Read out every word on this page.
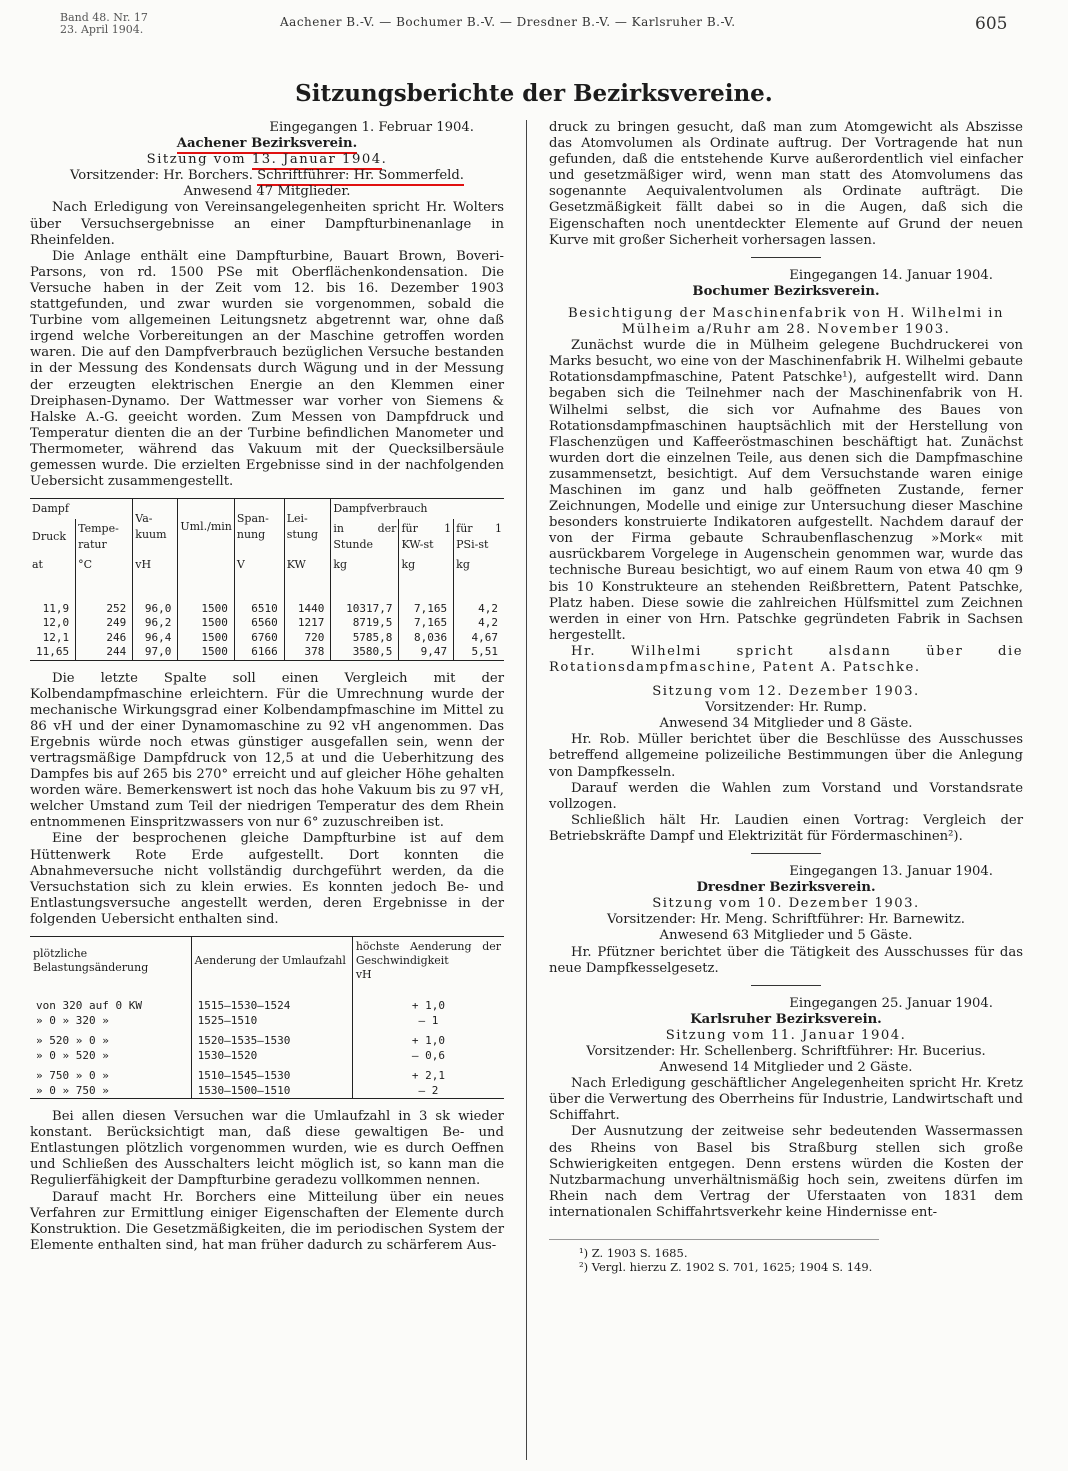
Band 48. Nr. 17
23. April 1904.
Aachener B.-V. — Bochumer B.-V. — Dresdner B.-V. — Karlsruher B.-V.	605
Sitzungsberichte der Bezirksvereine.

Eingegangen 1. Februar 1904.

Aachener Bezirksverein.

Sitzung vom 13. Januar 1904.

Vorsitzender: Hr. Borchers. Schriftführer: Hr. Sommerfeld.

Anwesend 47 Mitglieder.

Nach Erledigung von Vereinsangelegenheiten spricht Hr. Wolters über Versuchsergebnisse an einer Dampfturbinenanlage in Rheinfelden.

Die Anlage enthält eine Dampfturbine, Bauart Brown, Boveri-Parsons, von rd. 1500 PSe mit Oberflächenkondensation. Die Versuche haben in der Zeit vom 12. bis 16. Dezember 1903 stattgefunden, und zwar wurden sie vorgenommen, sobald die Turbine vom allgemeinen Leitungsnetz abgetrennt war, ohne daß irgend welche Vorbereitungen an der Maschine getroffen worden waren. Die auf den Dampfverbrauch bezüglichen Versuche bestanden in der Messung des Kondensats durch Wägung und in der Messung der erzeugten elektrischen Energie an den Klemmen einer Dreiphasen-Dynamo. Der Wattmesser war vorher von Siemens & Halske A.-G. geeicht worden. Zum Messen von Dampfdruck und Temperatur dienten die an der Turbine befindlichen Manometer und Thermometer, während das Vakuum mit der Quecksilbersäule gemessen wurde. Die erzielten Ergebnisse sind in der nachfolgenden Uebersicht zusammengestellt.

Dampf		Va-kuum	Uml./min	Span-nung	Lei-stung	Dampfverbrauch		
Druck	Tempe-ratur					in der Stunde	für 1 KW-st	für 1 PSi-st
at	°C	vH		V	KW	kg	kg	kg

11,9	252	96,0	1500	6510	1440	10317,7	7,165	4,2
12,0	249	96,2	1500	6560	1217	8719,5	7,165	4,2
12,1	246	96,4	1500	6760	720	5785,8	8,036	4,67
11,65	244	97,0	1500	6166	378	3580,5	9,47	5,51

Die letzte Spalte soll einen Vergleich mit der Kolbendampfmaschine erleichtern. Für die Umrechnung wurde der mechanische Wirkungsgrad einer Kolbendampfmaschine im Mittel zu 86 vH und der einer Dynamomaschine zu 92 vH angenommen. Das Ergebnis würde noch etwas günstiger ausgefallen sein, wenn der vertragsmäßige Dampfdruck von 12,5 at und die Ueberhitzung des Dampfes bis auf 265 bis 270° erreicht und auf gleicher Höhe gehalten worden wäre. Bemerkenswert ist noch das hohe Vakuum bis zu 97 vH, welcher Umstand zum Teil der niedrigen Temperatur des dem Rhein entnommenen Einspritzwassers von nur 6° zuzuschreiben ist.

Eine der besprochenen gleiche Dampfturbine ist auf dem Hüttenwerk Rote Erde aufgestellt. Dort konnten die Abnahmeversuche nicht vollständig durchgeführt werden, da die Versuchstation sich zu klein erwies. Es konnten jedoch Be- und Entlastungsversuche angestellt werden, deren Ergebnisse in der folgenden Uebersicht enthalten sind.

plötzliche Belastungsänderung	Aenderung der Umlaufzahl	höchste Aenderung der Geschwindigkeit
vH

von 320 auf 0 KW	1515—1530—1524	+ 1,0
» 0 » 320 »	1525—1510	— 1

» 520 » 0 »	1520—1535—1530	+ 1,0
» 0 » 520 »	1530—1520	— 0,6

» 750 » 0 »	1510—1545—1530	+ 2,1
» 0 » 750 »	1530—1500—1510	— 2

Bei allen diesen Versuchen war die Umlaufzahl in 3 sk wieder konstant. Berücksichtigt man, daß diese gewaltigen Be- und Entlastungen plötzlich vorgenommen wurden, wie es durch Oeffnen und Schließen des Ausschalters leicht möglich ist, so kann man die Regulierfähigkeit der Dampfturbine geradezu vollkommen nennen.

Darauf macht Hr. Borchers eine Mitteilung über ein neues Verfahren zur Ermittlung einiger Eigenschaften der Elemente durch Konstruktion. Die Gesetzmäßigkeiten, die im periodischen System der Elemente enthalten sind, hat man früher dadurch zu schärferem Aus-

druck zu bringen gesucht, daß man zum Atomgewicht als Abszisse das Atomvolumen als Ordinate auftrug. Der Vortragende hat nun gefunden, daß die entstehende Kurve außerordentlich viel einfacher und gesetzmäßiger wird, wenn man statt des Atomvolumens das sogenannte Aequivalentvolumen als Ordinate aufträgt. Die Gesetzmäßigkeit fällt dabei so in die Augen, daß sich die Eigenschaften noch unentdeckter Elemente auf Grund der neuen Kurve mit großer Sicherheit vorhersagen lassen.

Eingegangen 14. Januar 1904.

Bochumer Bezirksverein.

Besichtigung der Maschinenfabrik von H. Wilhelmi in Mülheim a/Ruhr am 28. November 1903.

Zunächst wurde die in Mülheim gelegene Buchdruckerei von Marks besucht, wo eine von der Maschinenfabrik H. Wilhelmi gebaute Rotationsdampfmaschine, Patent Patschke¹), aufgestellt wird. Dann begaben sich die Teilnehmer nach der Maschinenfabrik von H. Wilhelmi selbst, die sich vor Aufnahme des Baues von Rotationsdampfmaschinen hauptsächlich mit der Herstellung von Flaschenzügen und Kaffeeröstmaschinen beschäftigt hat. Zunächst wurden dort die einzelnen Teile, aus denen sich die Dampfmaschine zusammensetzt, besichtigt. Auf dem Versuchstande waren einige Maschinen im ganz und halb geöffneten Zustande, ferner Zeichnungen, Modelle und einige zur Untersuchung dieser Maschine besonders konstruierte Indikatoren aufgestellt. Nachdem darauf der von der Firma gebaute Schraubenflaschenzug »Mork« mit ausrückbarem Vorgelege in Augenschein genommen war, wurde das technische Bureau besichtigt, wo auf einem Raum von etwa 40 qm 9 bis 10 Konstrukteure an stehenden Reißbrettern, Patent Patschke, Platz haben. Diese sowie die zahlreichen Hülfsmittel zum Zeichnen werden in einer von Hrn. Patschke gegründeten Fabrik in Sachsen hergestellt.

Hr. Wilhelmi spricht alsdann über die Rotationsdampfmaschine, Patent A. Patschke.

Sitzung vom 12. Dezember 1903.

Vorsitzender: Hr. Rump.

Anwesend 34 Mitglieder und 8 Gäste.

Hr. Rob. Müller berichtet über die Beschlüsse des Ausschusses betreffend allgemeine polizeiliche Bestimmungen über die Anlegung von Dampfkesseln.

Darauf werden die Wahlen zum Vorstand und Vorstandsrate vollzogen.

Schließlich hält Hr. Laudien einen Vortrag: Vergleich der Betriebskräfte Dampf und Elektrizität für Fördermaschinen²).

Eingegangen 13. Januar 1904.

Dresdner Bezirksverein.

Sitzung vom 10. Dezember 1903.

Vorsitzender: Hr. Meng. Schriftführer: Hr. Barnewitz.

Anwesend 63 Mitglieder und 5 Gäste.

Hr. Pfützner berichtet über die Tätigkeit des Ausschusses für das neue Dampfkesselgesetz.

Eingegangen 25. Januar 1904.

Karlsruher Bezirksverein.

Sitzung vom 11. Januar 1904.

Vorsitzender: Hr. Schellenberg. Schriftführer: Hr. Bucerius.

Anwesend 14 Mitglieder und 2 Gäste.

Nach Erledigung geschäftlicher Angelegenheiten spricht Hr. Kretz über die Verwertung des Oberrheins für Industrie, Landwirtschaft und Schiffahrt.

Der Ausnutzung der zeitweise sehr bedeutenden Wassermassen des Rheins von Basel bis Straßburg stellen sich große Schwierigkeiten entgegen. Denn erstens würden die Kosten der Nutzbarmachung unverhältnismäßig hoch sein, zweitens dürfen im Rhein nach dem Vertrag der Uferstaaten von 1831 dem internationalen Schiffahrtsverkehr keine Hindernisse ent-

¹) Z. 1903 S. 1685.
²) Vergl. hierzu Z. 1902 S. 701, 1625; 1904 S. 149.
